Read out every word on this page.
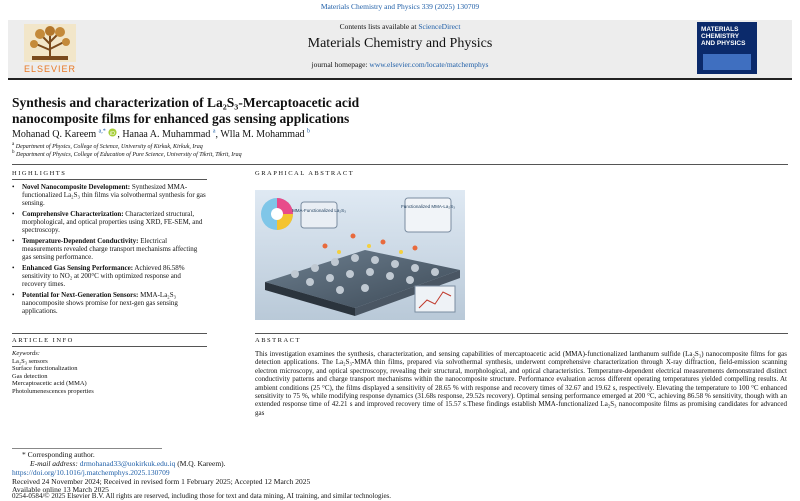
Materials Chemistry and Physics 339 (2025) 130709
Contents lists available at ScienceDirect
Materials Chemistry and Physics
journal homepage: www.elsevier.com/locate/matchemphys
ELSEVIER
MATERIALS CHEMISTRY AND PHYSICS
Synthesis and characterization of La₂S₃-Mercaptoacetic acid
nanocomposite films for enhanced gas sensing applications
Mohanad Q. Kareem $^{a,*}$ iD , Hanaa A. Muhammad $^a$, Wlla M. Mohammad $^b$
$^a$ Department of Physics, College of Science, University of Kirkuk, Kirkuk, Iraq
$^b$ Department of Physics, College of Education of Pure Science, University of Tikrit, Tikrit, Iraq
HIGHLIGHTS
•	Novel Nanocomposite Development: Synthesized MMA-functionalized La₂S₃ thin films via solvothermal synthesis for gas sensing.
•	Comprehensive Characterization: Characterized structural, morphological, and optical properties using XRD, FE-SEM, and spectroscopy.
•	Temperature-Dependent Conductivity: Electrical measurements revealed charge transport mechanisms affecting gas sensing performance.
•	Enhanced Gas Sensing Performance: Achieved 86.58% sensitivity to NO₂ at 200°C with optimized response and recovery times.
•	Potential for Next-Generation Sensors: MMA-La₂S₃ nanocomposite shows promise for next-gen gas sensing applications.
GRAPHICAL ABSTRACT
MMA-Functionalized La₂S₃
Functionalized MMA-La₂S₃
ARTICLE INFO
Keywords:
La₂S₃ sensors
Surface functionalization
Gas detection
Mercaptoacetic acid (MMA)
Photolumenescences properties
ABSTRACT
This investigation examines the synthesis, characterization, and sensing capabilities of mercaptoacetic acid (MMA)-functionalized lanthanum sulfide (La₂S₃) nanocomposite films for gas detection applications. The La₂S₃-MMA thin films, prepared via solvothermal synthesis, underwent comprehensive characterization through X-ray diffraction, field-emission scanning electron microscopy, and optical spectroscopy, revealing their structural, morphological, and optical characteristics. Temperature-dependent electrical measurements demonstrated distinct conductivity patterns and charge transport mechanisms within the nanocomposite structure. Performance evaluation across different operating temperatures yielded compelling results. At ambient conditions (25 °C), the films displayed a sensitivity of 28.65 % with response and recovery times of 32.67 and 19.62 s, respectively. Elevating the temperature to 100 °C enhanced sensitivity to 75 %, while modifying response dynamics (31.68s response, 29.52s recovery). Optimal sensing performance emerged at 200 °C, achieving 86.58 % sensitivity, though with an extended response time of 42.21 s and improved recovery time of 15.57 s.These findings establish MMA-functionalized La₂S₃ nanocomposite films as promising candidates for advanced gas
* Corresponding author.
E-mail address: drmohanad33@uokirkuk.edu.iq (M.Q. Kareem).
https://doi.org/10.1016/j.matchemphys.2025.130709
Received 24 November 2024; Received in revised form 1 February 2025; Accepted 12 March 2025
Available online 13 March 2025
0254-0584/© 2025 Elsevier B.V. All rights are reserved, including those for text and data mining, AI training, and similar technologies.
